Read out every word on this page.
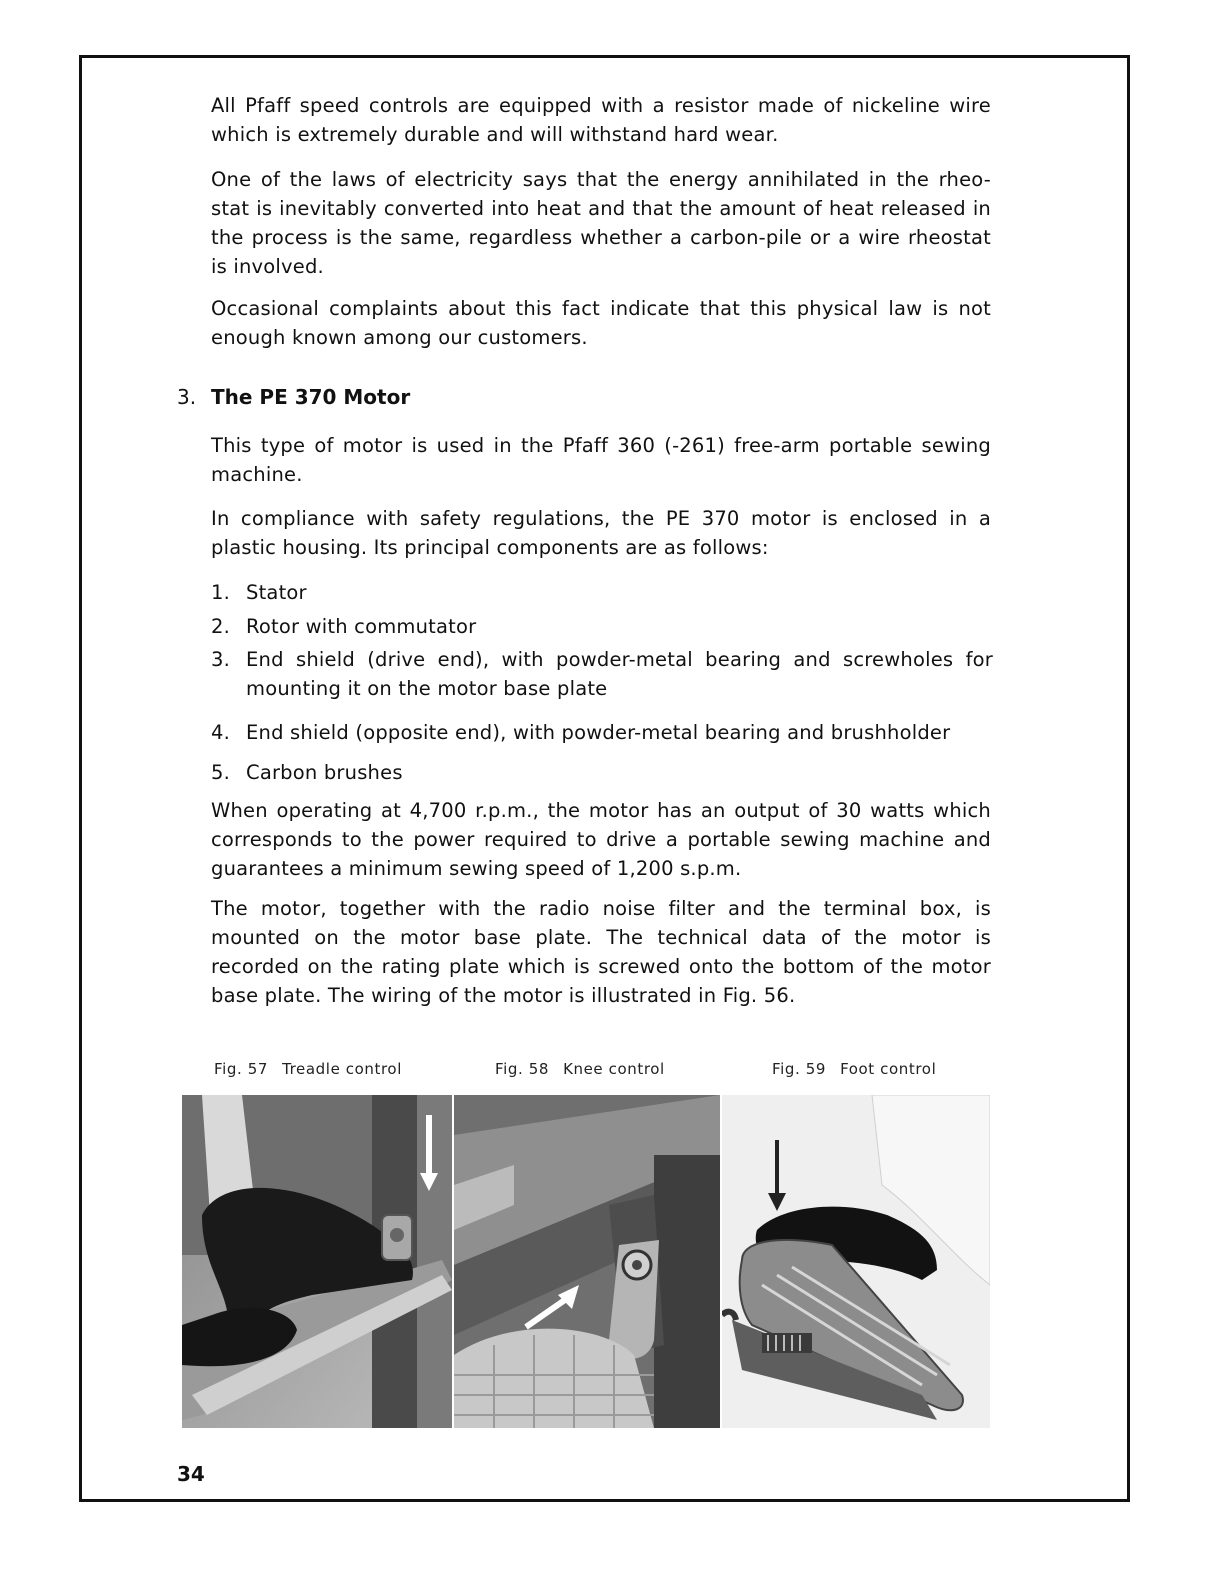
All Pfaff speed controls are equipped with a resistor made of nickeline wire which is extremely durable and will withstand hard wear.

One of the laws of electricity says that the energy annihilated in the rheo- stat is inevitably converted into heat and that the amount of heat released in the process is the same, regardless whether a carbon-pile or a wire rheostat is involved.

Occasional complaints about this fact indicate that this physical law is not enough known among our customers.

3. The PE 370 Motor

This type of motor is used in the Pfaff 360 (-261) free-arm portable sewing machine.

In compliance with safety regulations, the PE 370 motor is enclosed in a plastic housing. Its principal components are as follows:

1. Stator
2. Rotor with commutator
3. End shield (drive end), with powder-metal bearing and screwholes for mounting it on the motor base plate
4. End shield (opposite end), with powder-metal bearing and brushholder
5. Carbon brushes

When operating at 4,700 r.p.m., the motor has an output of 30 watts which corresponds to the power required to drive a portable sewing machine and guarantees a minimum sewing speed of 1,200 s.p.m.

The motor, together with the radio noise filter and the terminal box, is mounted on the motor base plate. The technical data of the motor is recorded on the rating plate which is screwed onto the bottom of the motor base plate. The wiring of the motor is illustrated in Fig. 56.

Fig. 57 Treadle control	Fig. 58 Knee control	Fig. 59 Foot control
34
